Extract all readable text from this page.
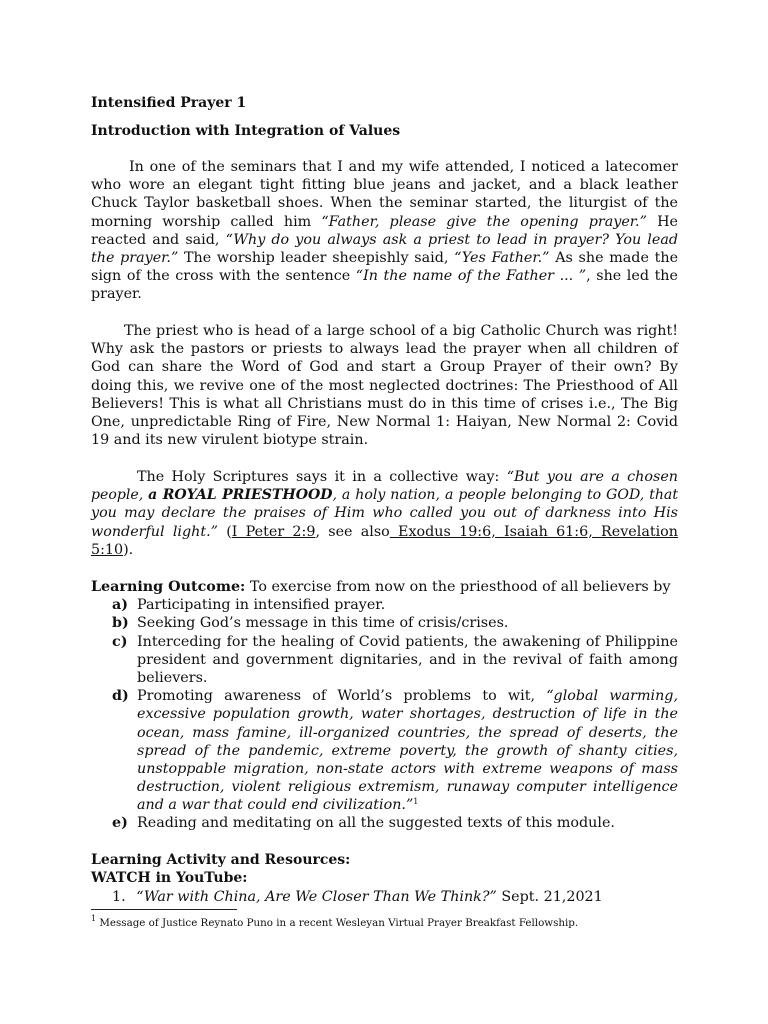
Intensified Prayer 1
Introduction with Integration of Values
In one of the seminars that I and my wife attended, I noticed a latecomer
who wore an elegant tight fitting blue jeans and jacket, and a black leather
Chuck Taylor basketball shoes. When the seminar started, the liturgist of the
morning worship called him “Father, please give the opening prayer.” He
reacted and said, “Why do you always ask a priest to lead in prayer? You lead
the prayer.” The worship leader sheepishly said, “Yes Father.” As she made the
sign of the cross with the sentence “In the name of the Father ... ”, she led the
prayer.
The priest who is head of a large school of a big Catholic Church was right!
Why ask the pastors or priests to always lead the prayer when all children of
God can share the Word of God and start a Group Prayer of their own? By
doing this, we revive one of the most neglected doctrines: The Priesthood of All
Believers! This is what all Christians must do in this time of crises i.e., The Big
One, unpredictable Ring of Fire, New Normal 1: Haiyan, New Normal 2: Covid
19 and its new virulent biotype strain.
The Holy Scriptures says it in a collective way: “But you are a chosen
people, a ROYAL PRIESTHOOD, a holy nation, a people belonging to GOD, that
you may declare the praises of Him who called you out of darkness into His
wonderful light.” (I Peter 2:9, see also Exodus 19:6, Isaiah 61:6, Revelation
5:10).
Learning Outcome: To exercise from now on the priesthood of all believers by
a) Participating in intensified prayer.
b) Seeking God’s message in this time of crisis/crises.
c) Interceding for the healing of Covid patients, the awakening of Philippine
president and government dignitaries, and in the revival of faith among
believers.
d) Promoting awareness of World’s problems to wit, “global warming,
excessive population growth, water shortages, destruction of life in the
ocean, mass famine, ill-organized countries, the spread of deserts, the
spread of the pandemic, extreme poverty, the growth of shanty cities,
unstoppable migration, non-state actors with extreme weapons of mass
destruction, violent religious extremism, runaway computer intelligence
and a war that could end civilization.”$^1$
e) Reading and meditating on all the suggested texts of this module.
Learning Activity and Resources:
WATCH in YouTube:
1. “War with China, Are We Closer Than We Think?” Sept. 21,2021
$^1$ Message of Justice Reynato Puno in a recent Wesleyan Virtual Prayer Breakfast Fellowship.
